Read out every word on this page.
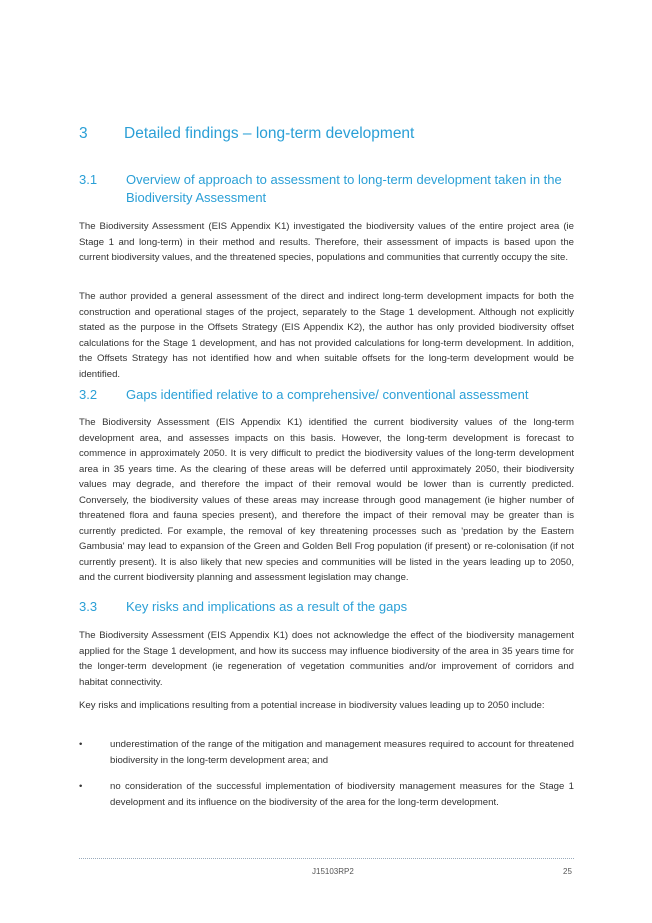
3 Detailed findings – long-term development
3.1 Overview of approach to assessment to long-term development taken in the Biodiversity Assessment

The Biodiversity Assessment (EIS Appendix K1) investigated the biodiversity values of the entire project area (ie Stage 1 and long-term) in their method and results. Therefore, their assessment of impacts is based upon the current biodiversity values, and the threatened species, populations and communities that currently occupy the site.

The author provided a general assessment of the direct and indirect long-term development impacts for both the construction and operational stages of the project, separately to the Stage 1 development. Although not explicitly stated as the purpose in the Offsets Strategy (EIS Appendix K2), the author has only provided biodiversity offset calculations for the Stage 1 development, and has not provided calculations for long-term development. In addition, the Offsets Strategy has not identified how and when suitable offsets for the long-term development would be identified.

3.2 Gaps identified relative to a comprehensive/ conventional assessment

The Biodiversity Assessment (EIS Appendix K1) identified the current biodiversity values of the long-term development area, and assesses impacts on this basis. However, the long-term development is forecast to commence in approximately 2050. It is very difficult to predict the biodiversity values of the long-term development area in 35 years time. As the clearing of these areas will be deferred until approximately 2050, their biodiversity values may degrade, and therefore the impact of their removal would be lower than is currently predicted. Conversely, the biodiversity values of these areas may increase through good management (ie higher number of threatened flora and fauna species present), and therefore the impact of their removal may be greater than is currently predicted. For example, the removal of key threatening processes such as 'predation by the Eastern Gambusia' may lead to expansion of the Green and Golden Bell Frog population (if present) or re-colonisation (if not currently present). It is also likely that new species and communities will be listed in the years leading up to 2050, and the current biodiversity planning and assessment legislation may change.

3.3 Key risks and implications as a result of the gaps

The Biodiversity Assessment (EIS Appendix K1) does not acknowledge the effect of the biodiversity management applied for the Stage 1 development, and how its success may influence biodiversity of the area in 35 years time for the longer-term development (ie regeneration of vegetation communities and/or improvement of corridors and habitat connectivity.

Key risks and implications resulting from a potential increase in biodiversity values leading up to 2050 include:

•	underestimation of the range of the mitigation and management measures required to account for threatened biodiversity in the long-term development area; and
•	no consideration of the successful implementation of biodiversity management measures for the Stage 1 development and its influence on the biodiversity of the area for the long-term development.
J15103RP2	25
